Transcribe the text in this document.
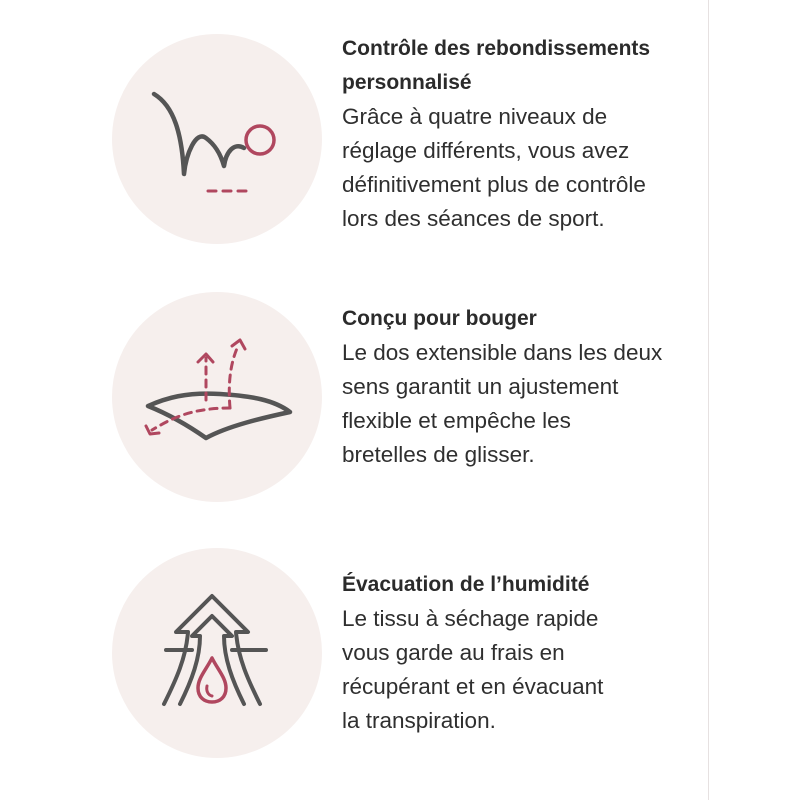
Contrôle des rebondissements personnalisé

Grâce à quatre niveaux de
réglage différents, vous avez
définitivement plus de contrôle
lors des séances de sport.

Conçu pour bouger

Le dos extensible dans les deux
sens garantit un ajustement
flexible et empêche les
bretelles de glisser.

Évacuation de l’humidité

Le tissu à séchage rapide
vous garde au frais en
récupérant et en évacuant
la transpiration.
